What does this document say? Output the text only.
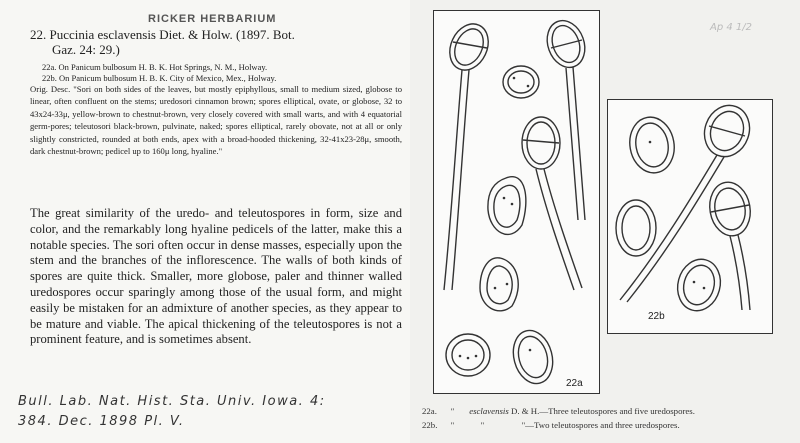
RICKER HERBARIUM
22. Puccinia esclavensis Diet. & Holw. (1897. Bot.
Gaz. 24: 29.)
22a. On Panicum bulbosum H. B. K. Hot Springs, N. M., Holway.
22b. On Panicum bulbosum H. B. K. City of Mexico, Mex., Holway.
Orig. Desc. "Sori on both sides of the leaves, but mostly epiphyllous, small to medium sized, globose to linear, often confluent on the stems; uredosori cinnamon brown; spores elliptical, ovate, or globose, 32 to 43x24-33μ, yellow-brown to chestnut-brown, very closely covered with small warts, and with 4 equatorial germ-pores; teleutosori black-brown, pulvinate, naked; spores elliptical, rarely obovate, not at all or only slightly constricted, rounded at both ends, apex with a broad-hooded thickening, 32-41x23-28μ, smooth, dark chestnut-brown; pedicel up to 160μ long, hyaline."
The great similarity of the uredo- and teleutospores in form, size and color, and the remarkably long hyaline pedicels of the latter, make this a notable species. The sori often occur in dense masses, especially upon the stem and the branches of the inflorescence. The walls of both kinds of spores are quite thick. Smaller, more globose, paler and thinner walled uredospores occur sparingly among those of the usual form, and might easily be mistaken for an admixture of another species, as they appear to be mature and viable. The apical thickening of the teleutospores is not a prominent feature, and is sometimes absent.
Bull. Lab. Nat. Hist. Sta. Univ. Iowa. 4:
384. Dec. 1898 Pl. V.
Ap 4 1/2
22a
22b
22a. "       esclavensis D. & H.—Three teleutospores and five uredospores.
22b. "            "                 "—Two teleutospores and three uredospores.
